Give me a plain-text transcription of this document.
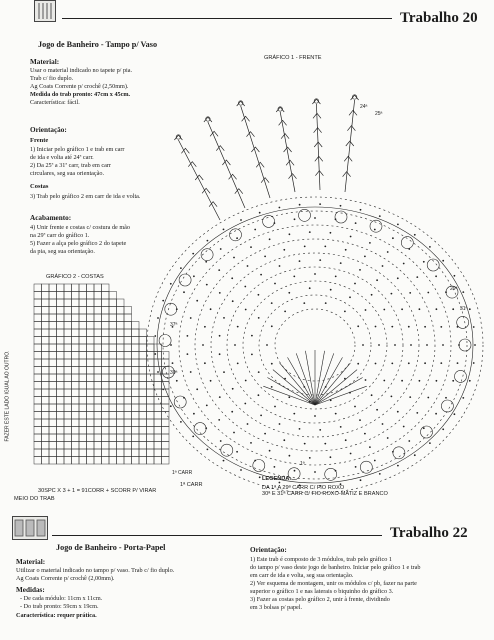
Trabalho 20
Jogo de Banheiro - Tampo p/ Vaso
Material:
Usar o material indicado no tapete p/ pia.
Trab c/ fio duplo.
Ag Coats Corrente p/ crochê (2,50mm).
Medida do trab pronto: 47cm x 45cm.
Característica: fácil.
Orientação:
Frente
1) Iniciar pelo gráfico 1 e trab em carr
de ida e volta até 24ª carr.
2) Da 25ª a 31ª carr, trab em carr
circulares, seg sua orientação.
Costas
3) Trab pelo gráfico 2 em carr de ida e volta.
Acabamento:
4) Unir frente e costas c/ costura de mão
na 29ª carr do gráfico 1.
5) Fazer a alça pelo gráfico 2 do tapete
da pia, seg sua orientação.
GRÁFICO 1 - FRENTE
GRÁFICO 2 - COSTAS
1ª
24ª
25ª
29ª
31ª
1ª CARR
37ª
30ª
FAZER ESTE LADO IGUAL AO OUTRO.
30SPC X 3 + 1 = 91CORR + SCORR P/ VIRAR
MEIO DO TRAB
1ª CARR
LEGENDA:
DA 1ª A 29ª CARR C/ FIO ROXO
30ª E 31ª CARR C/ FIO ROXO-MATIZ E BRANCO
Trabalho 22
Jogo de Banheiro - Porta-Papel
Material:
Utilizar o material indicado no tampo p/ vaso. Trab c/ fio duplo.
Ag Coats Corrente p/ crochê (2,00mm).
Medidas:
- De cada módulo: 11cm x 11cm.
- Do trab pronto: 59cm x 19cm.
Característica: requer prática.
Orientação:
1) Este trab é composto de 3 módulos, trab pelo gráfico 1
do tampo p/ vaso deste jogo de banheiro. Iniciar pelo gráfico 1 e trab
em carr de ida e volta, seg sua orientação.
2) Ver esquema de montagem, unir os módulos c/ pb, fazer na parte
superior o gráfico 1 e nas laterais o biquinho do gráfico 3.
3) Fazer as costas pelo gráfico 2, unir à frente, dividindo
em 3 bolsas p/ papel.
